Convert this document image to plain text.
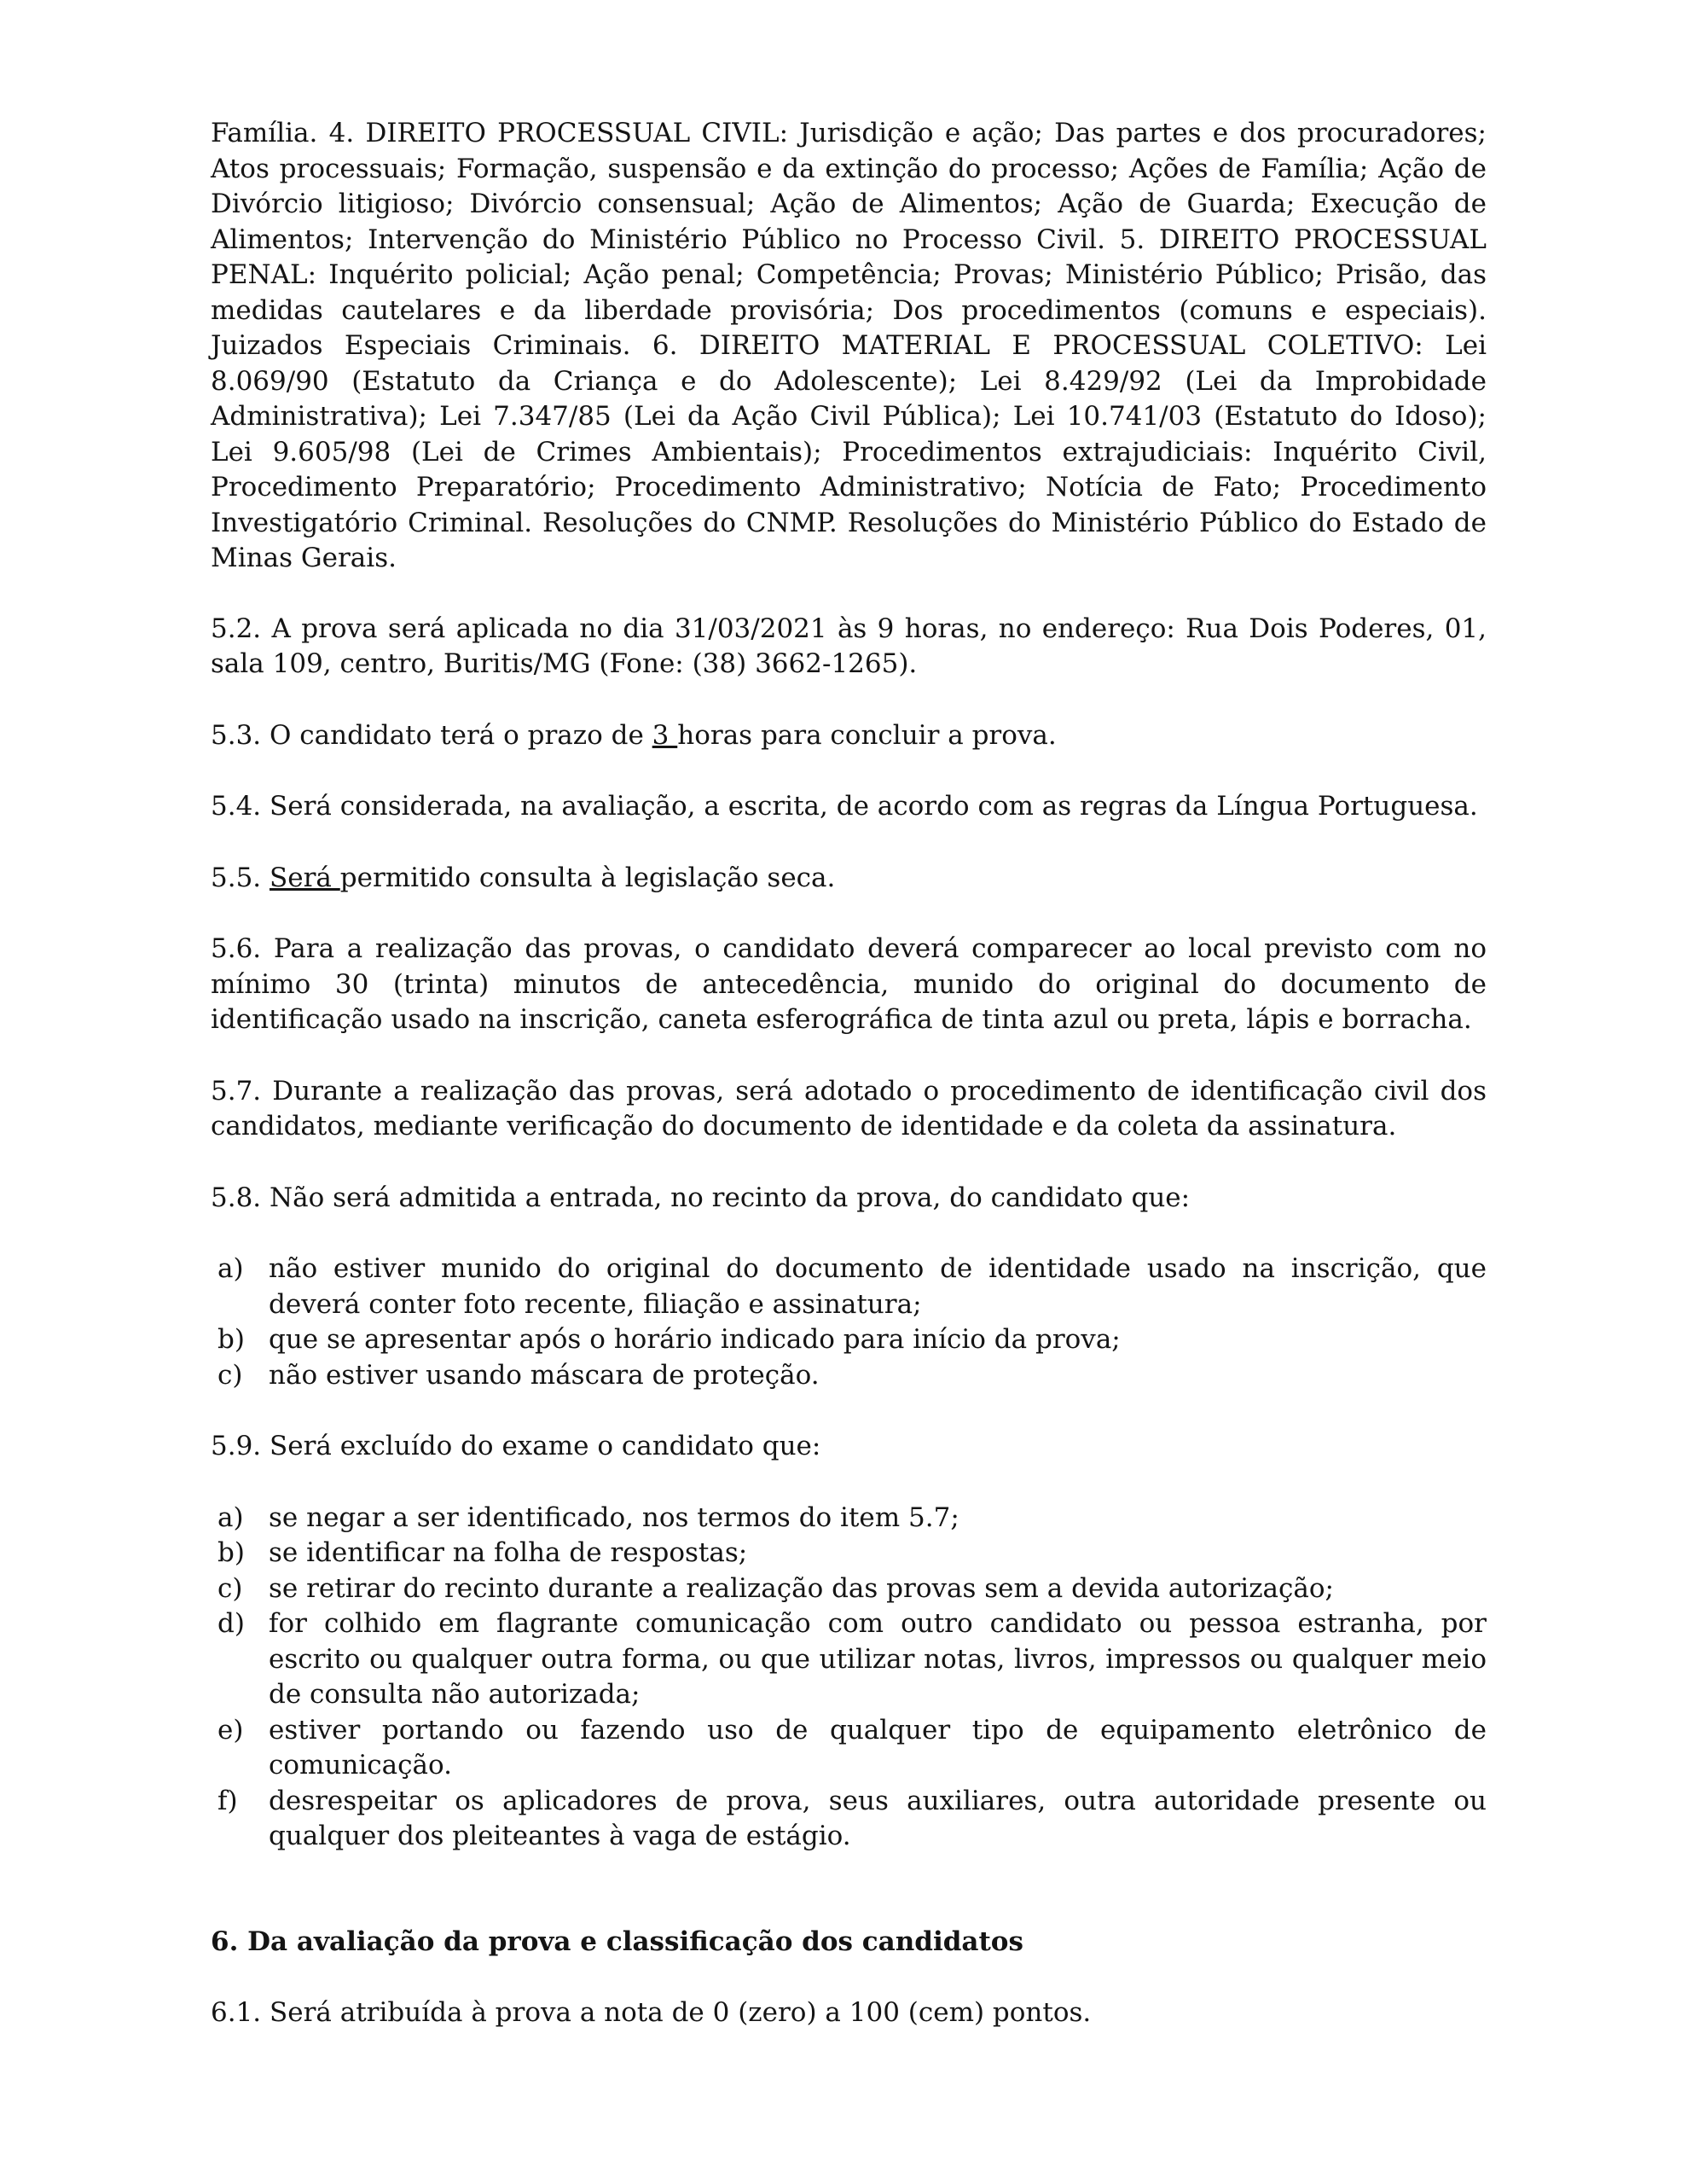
Família. 4. DIREITO PROCESSUAL CIVIL: Jurisdição e ação; Das partes e dos procuradores; Atos processuais; Formação, suspensão e da extinção do processo; Ações de Família; Ação de Divórcio litigioso; Divórcio consensual; Ação de Alimentos; Ação de Guarda; Execução de Alimentos; Intervenção do Ministério Público no Processo Civil. 5. DIREITO PROCESSUAL PENAL: Inquérito policial; Ação penal; Competência; Provas; Ministério Público; Prisão, das medidas cautelares e da liberdade provisória; Dos procedimentos (comuns e especiais). Juizados Especiais Criminais. 6. DIREITO MATERIAL E PROCESSUAL COLETIVO: Lei 8.069/90 (Estatuto da Criança e do Adolescente); Lei 8.429/92 (Lei da Improbidade Administrativa); Lei 7.347/85 (Lei da Ação Civil Pública); Lei 10.741/03 (Estatuto do Idoso); Lei 9.605/98 (Lei de Crimes Ambientais); Procedimentos extrajudiciais: Inquérito Civil, Procedimento Preparatório; Procedimento Administrativo; Notícia de Fato; Procedimento Investigatório Criminal. Resoluções do CNMP. Resoluções do Ministério Público do Estado de Minas Gerais.

5.2. A prova será aplicada no dia 31/03/2021 às 9 horas, no endereço: Rua Dois Poderes, 01, sala 109, centro, Buritis/MG (Fone: (38) 3662-1265).

5.3. O candidato terá o prazo de 3 horas para concluir a prova.

5.4. Será considerada, na avaliação, a escrita, de acordo com as regras da Língua Portuguesa.

5.5. Será permitido consulta à legislação seca.

5.6. Para a realização das provas, o candidato deverá comparecer ao local previsto com no mínimo 30 (trinta) minutos de antecedência, munido do original do documento de identificação usado na inscrição, caneta esferográfica de tinta azul ou preta, lápis e borracha.

5.7. Durante a realização das provas, será adotado o procedimento de identificação civil dos candidatos, mediante verificação do documento de identidade e da coleta da assinatura.

5.8. Não será admitida a entrada, no recinto da prova, do candidato que:

a) não estiver munido do original do documento de identidade usado na inscrição, que deverá conter foto recente, filiação e assinatura;
b) que se apresentar após o horário indicado para início da prova;
c) não estiver usando máscara de proteção.

5.9. Será excluído do exame o candidato que:

a) se negar a ser identificado, nos termos do item 5.7;
b) se identificar na folha de respostas;
c) se retirar do recinto durante a realização das provas sem a devida autorização;
d) for colhido em flagrante comunicação com outro candidato ou pessoa estranha, por escrito ou qualquer outra forma, ou que utilizar notas, livros, impressos ou qualquer meio de consulta não autorizada;
e) estiver portando ou fazendo uso de qualquer tipo de equipamento eletrônico de comunicação.
f) desrespeitar os aplicadores de prova, seus auxiliares, outra autoridade presente ou qualquer dos pleiteantes à vaga de estágio.

6. Da avaliação da prova e classificação dos candidatos

6.1. Será atribuída à prova a nota de 0 (zero) a 100 (cem) pontos.
